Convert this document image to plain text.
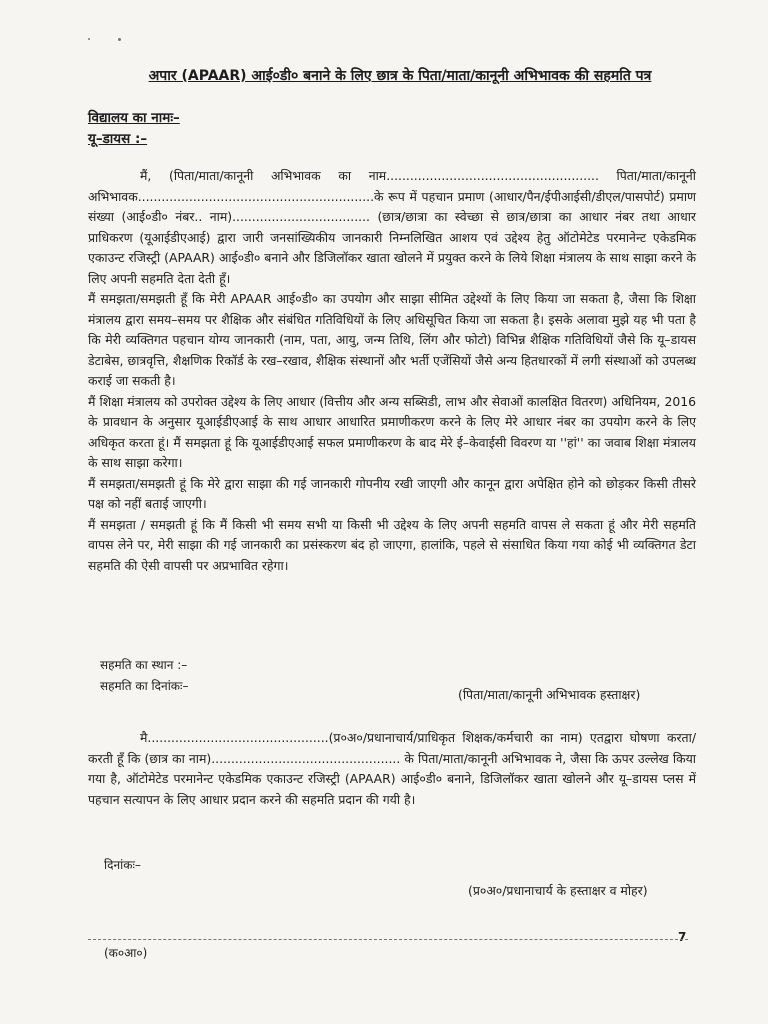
अपार (APAAR) आई०डी० बनाने के लिए छात्र के पिता/माता/कानूनी अभिभावक की सहमति पत्र
विद्यालय का नामः–
यू–डायस :–

मैं, (पिता/माता/कानूनी अभिभावक का नाम...................................................... पिता/माता/कानूनी अभिभावक............................................................के रूप में पहचान प्रमाण (आधार/पैन/ईपीआईसी/डीएल/पासपोर्ट) प्रमाण संख्या (आई०डी० नंबर.. नाम)................................... (छात्र/छात्रा का स्वेच्छा से छात्र/छात्रा का आधार नंबर तथा आधार प्राधिकरण (यूआईडीएआई) द्वारा जारी जनसांख्यिकीय जानकारी निम्नलिखित आशय एवं उद्देश्य हेतु ऑटोमेटेड परमानेन्ट एकेडमिक एकाउन्ट रजिस्ट्री (APAAR) आई०डी० बनाने और डिजिलॉकर खाता खोलने में प्रयुक्त करने के लिये शिक्षा मंत्रालय के साथ साझा करने के लिए अपनी सहमति देता देती हूँ।

मैं समझता/समझती हूँ कि मेरी APAAR आई०डी० का उपयोग और साझा सीमित उद्देश्यों के लिए किया जा सकता है, जैसा कि शिक्षा मंत्रालय द्वारा समय–समय पर शैक्षिक और संबंधित गतिविधियों के लिए अधिसूचित किया जा सकता है। इसके अलावा मुझे यह भी पता है कि मेरी व्यक्तिगत पहचान योग्य जानकारी (नाम, पता, आयु, जन्म तिथि, लिंग और फोटो) विभिन्न शैक्षिक गतिविधियों जैसे कि यू–डायस डेटाबेस, छात्रवृत्ति, शैक्षणिक रिकॉर्ड के रख–रखाव, शैक्षिक संस्थानों और भर्ती एजेंसियों जैसे अन्य हितधारकों में लगी संस्थाओं को उपलब्ध कराई जा सकती है।

मैं शिक्षा मंत्रालय को उपरोक्त उद्देश्य के लिए आधार (वित्तीय और अन्य सब्सिडी, लाभ और सेवाओं कालक्षित वितरण) अधिनियम, 2016 के प्रावधान के अनुसार यूआईडीएआई के साथ आधार आधारित प्रमाणीकरण करने के लिए मेरे आधार नंबर का उपयोग करने के लिए अधिकृत करता हूं। मैं समझता हूं कि यूआईडीएआई सफल प्रमाणीकरण के बाद मेरे ई–केवाईसी विवरण या ''हां'' का जवाब शिक्षा मंत्रालय के साथ साझा करेगा।

मैं समझता/समझती हूं कि मेरे द्वारा साझा की गई जानकारी गोपनीय रखी जाएगी और कानून द्वारा अपेक्षित होने को छोड़कर किसी तीसरे पक्ष को नहीं बताई जाएगी।

मैं समझता / समझती हूं कि मैं किसी भी समय सभी या किसी भी उद्देश्य के लिए अपनी सहमति वापस ले सकता हूं और मेरी सहमति वापस लेने पर, मेरी साझा की गई जानकारी का प्रसंस्करण बंद हो जाएगा, हालांकि, पहले से संसाधित किया गया कोई भी व्यक्तिगत डेटा सहमति की ऐसी वापसी पर अप्रभावित रहेगा।

सहमति का स्थान :–
सहमति का दिनांकः–
(पिता/माता/कानूनी अभिभावक हस्ताक्षर)

मै..............................................(प्र०अ०/प्रधानाचार्य/प्राधिकृत शिक्षक/कर्मचारी का नाम) एतद्वारा घोषणा करता/करती हूँ कि (छात्र का नाम)................................................ के पिता/माता/कानूनी अभिभावक ने, जैसा कि ऊपर उल्लेख किया गया है, ऑटोमेटेड परमानेन्ट एकेडमिक एकाउन्ट रजिस्ट्री (APAAR) आई०डी० बनाने, डिजिलॉकर खाता खोलने और यू–डायस प्लस में पहचान सत्यापन के लिए आधार प्रदान करने की सहमति प्रदान की गयी है।

दिनांकः–
(प्र०अ०/प्रधानाचार्य के हस्ताक्षर व मोहर)
7
(क०आ०)
